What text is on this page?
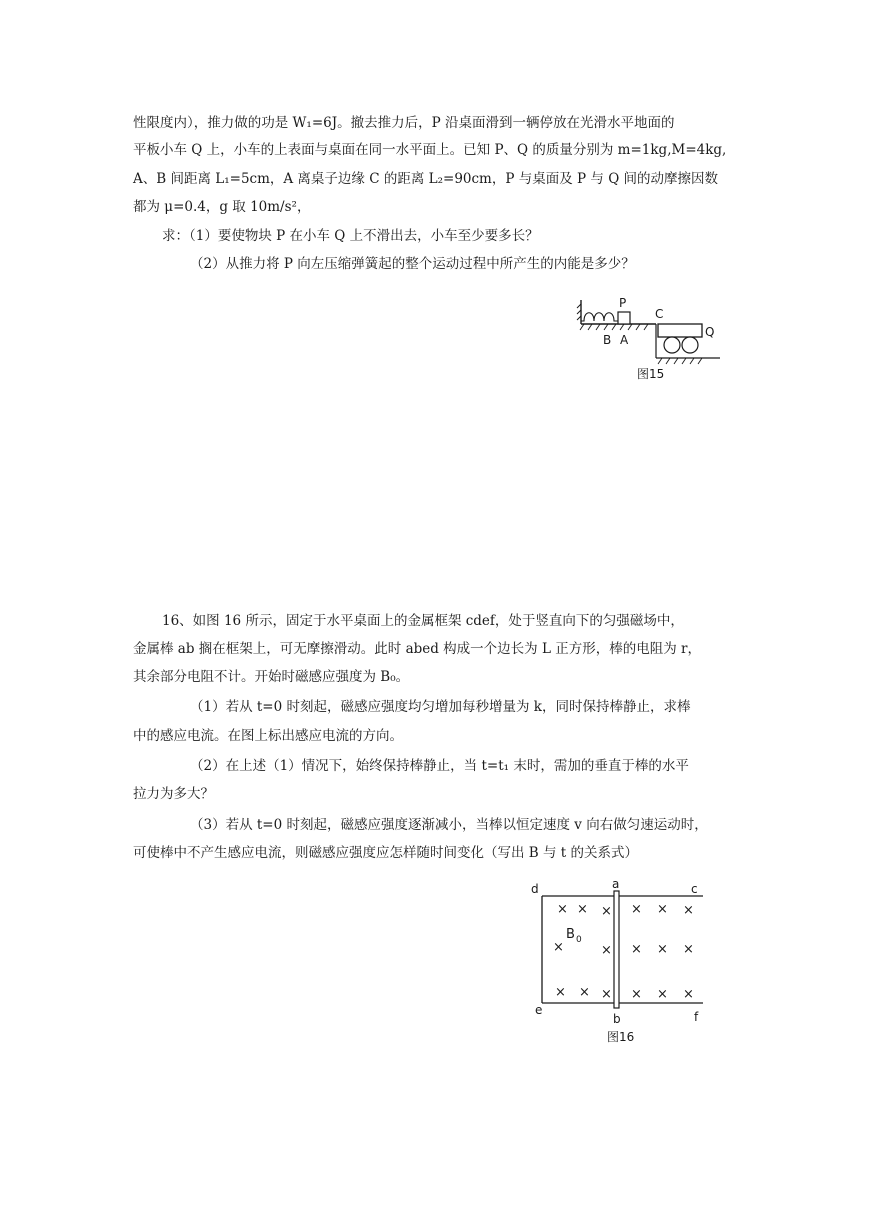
性限度内），推力做的功是 W₁=6J。撤去推力后，P 沿桌面滑到一辆停放在光滑水平地面的
平板小车 Q 上，小车的上表面与桌面在同一水平面上。已知 P、Q 的质量分别为 m=1kg,M=4kg,
A、B 间距离 L₁=5cm，A 离桌子边缘 C 的距离 L₂=90cm，P 与桌面及 P 与 Q 间的动摩擦因数
都为 μ=0.4，g 取 10m/s²，
求：（1）要使物块 P 在小车 Q 上不滑出去，小车至少要多长？
（2）从推力将 P 向左压缩弹簧起的整个运动过程中所产生的内能是多少？
P
C
Q
B A
图15
16、如图 16 所示，固定于水平桌面上的金属框架 cdef，处于竖直向下的匀强磁场中，
金属棒 ab 搁在框架上，可无摩擦滑动。此时 abed 构成一个边长为 L 正方形，棒的电阻为 r，
其余部分电阻不计。开始时磁感应强度为 B₀。
（1）若从 t=0 时刻起，磁感应强度均匀增加每秒增量为 k，同时保持棒静止，求棒
中的感应电流。在图上标出感应电流的方向。
（2）在上述（1）情况下，始终保持棒静止，当 t=t₁ 末时，需加的垂直于棒的水平
拉力为多大？
（3）若从 t=0 时刻起，磁感应强度逐渐减小，当棒以恒定速度 v 向右做匀速运动时，
可使棒中不产生感应电流，则磁感应强度应怎样随时间变化（写出 B 与 t 的关系式）
× × × × × ×
×	× × × ×
× × × × × ×
B 0
d	a	c
e
b	f
图16
